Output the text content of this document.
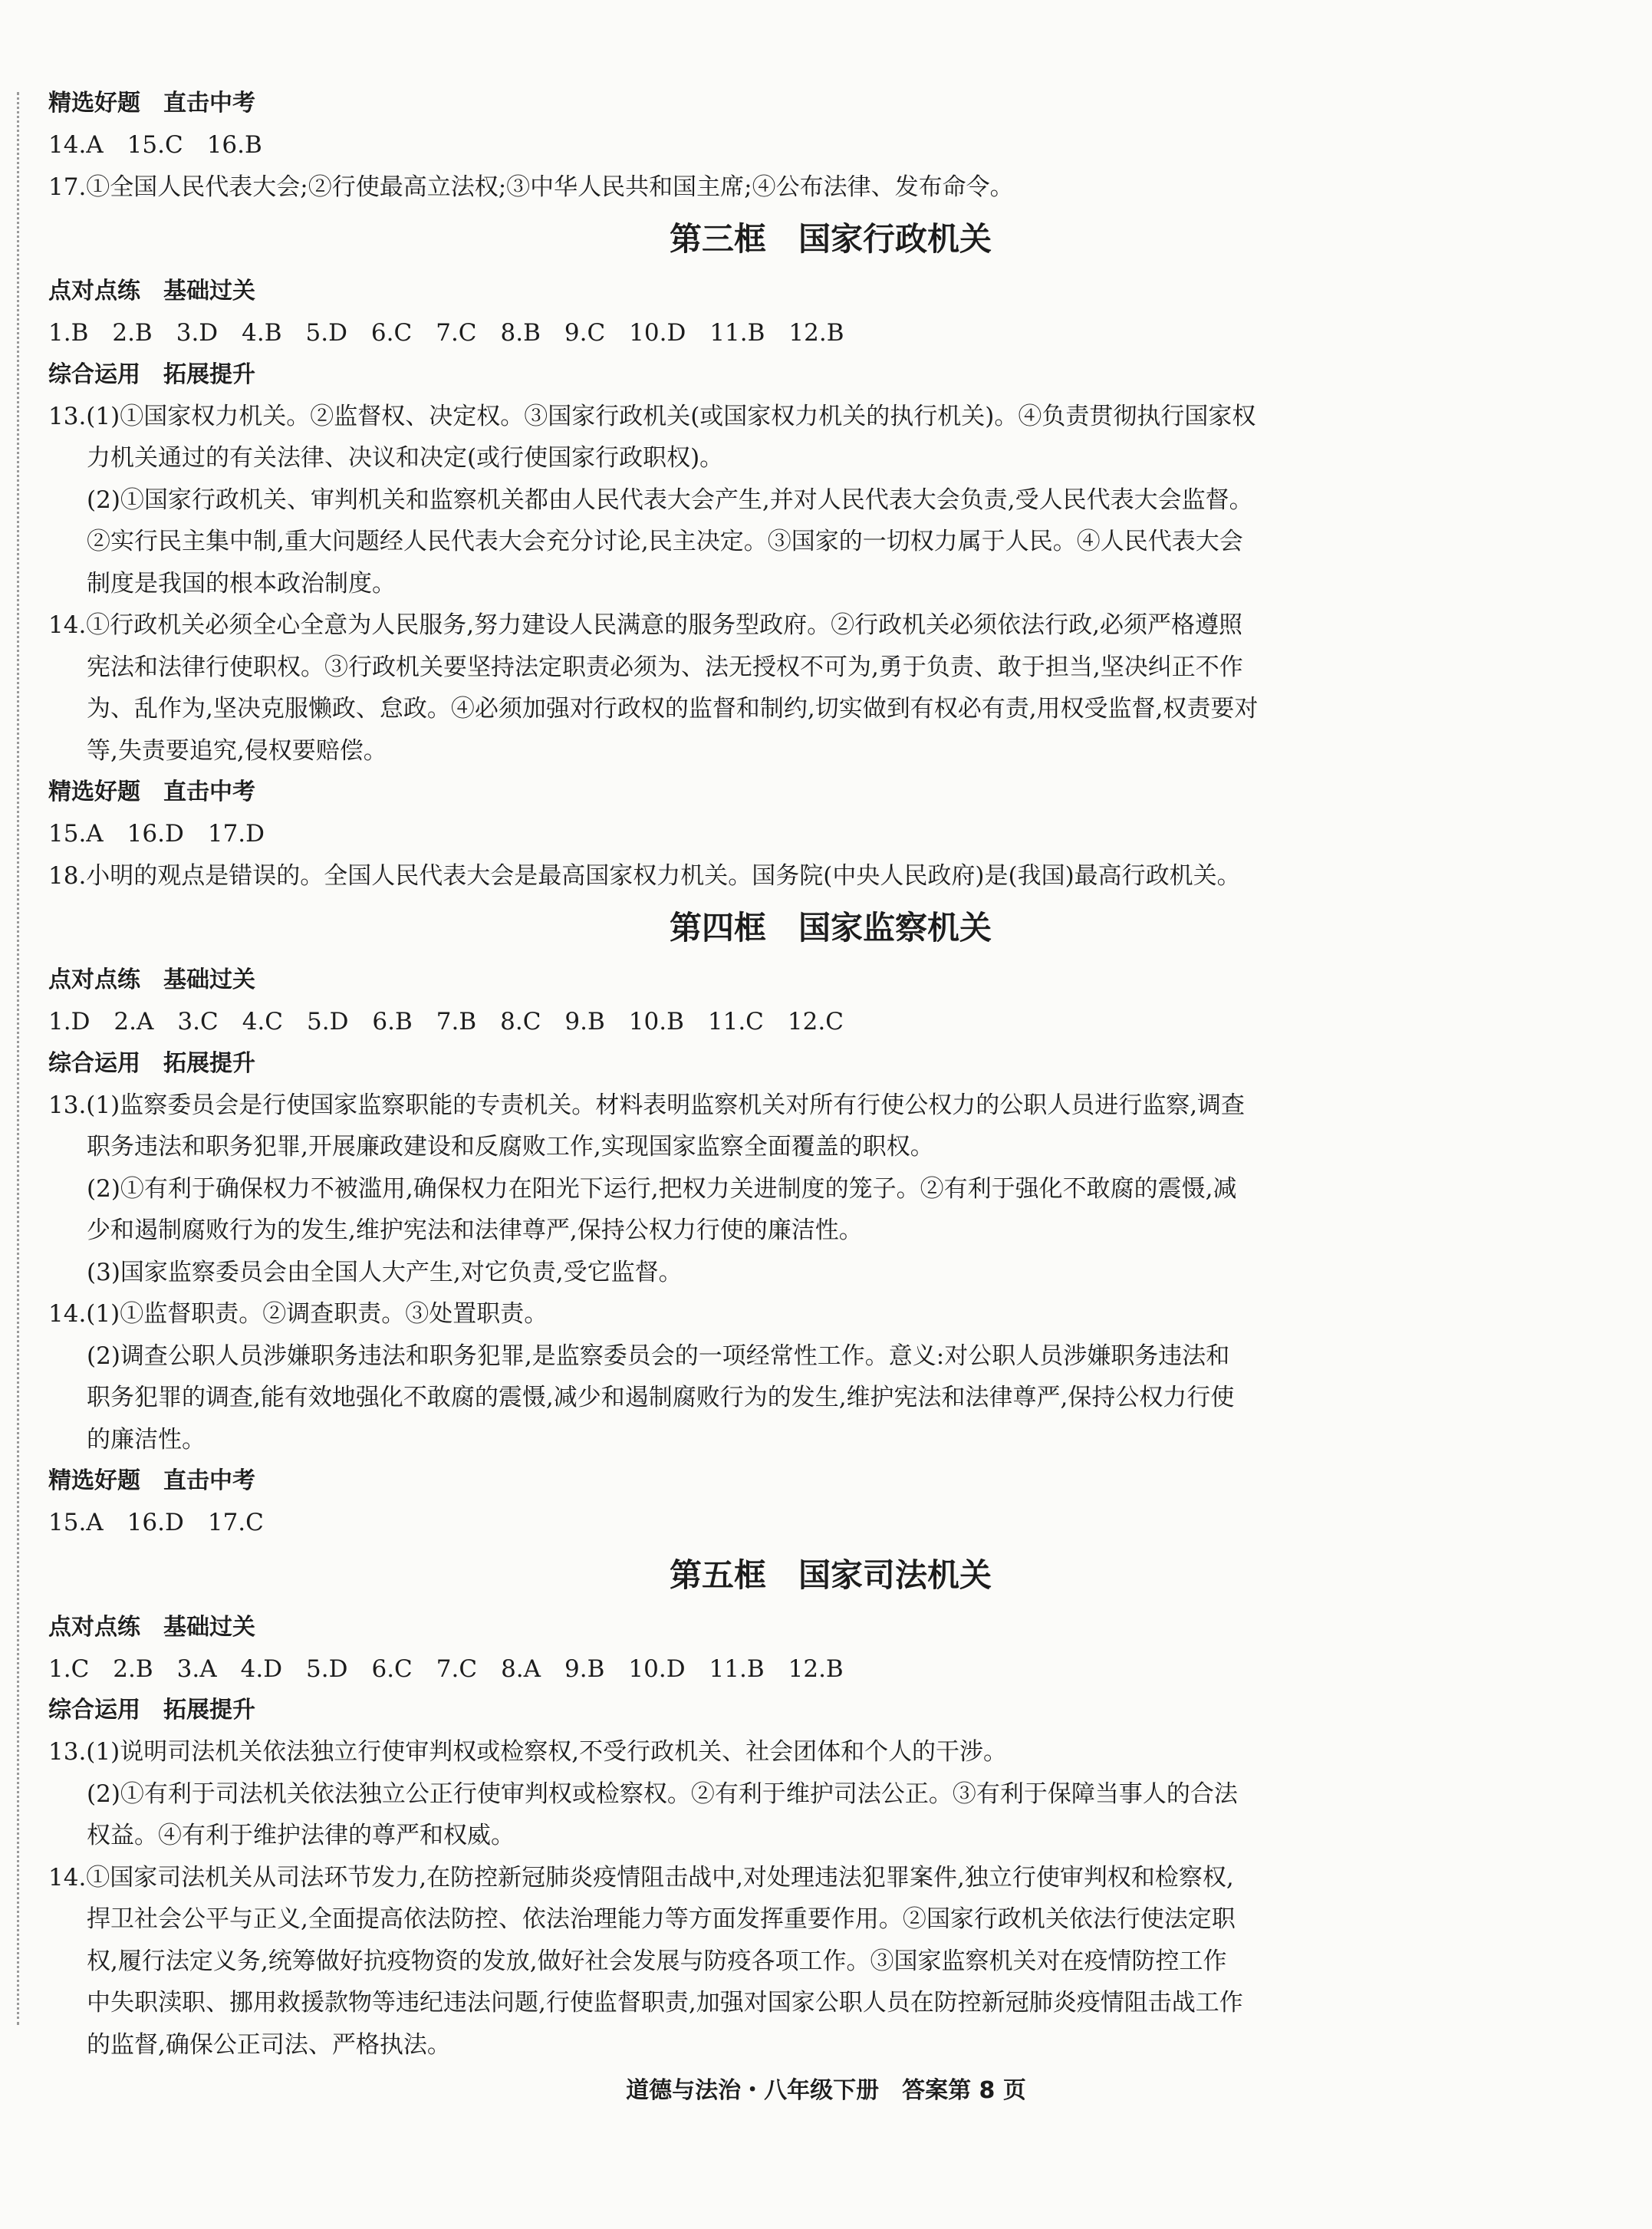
精选好题　直击中考
14.A　15.C　16.B
17.①全国人民代表大会;②行使最高立法权;③中华人民共和国主席;④公布法律、发布命令。
第三框　国家行政机关
点对点练　基础过关
1.B　2.B　3.D　4.B　5.D　6.C　7.C　8.B　9.C　10.D　11.B　12.B
综合运用　拓展提升
13.(1)①国家权力机关。②监督权、决定权。③国家行政机关(或国家权力机关的执行机关)。④负责贯彻执行国家权
力机关通过的有关法律、决议和决定(或行使国家行政职权)。
(2)①国家行政机关、审判机关和监察机关都由人民代表大会产生,并对人民代表大会负责,受人民代表大会监督。
②实行民主集中制,重大问题经人民代表大会充分讨论,民主决定。③国家的一切权力属于人民。④人民代表大会
制度是我国的根本政治制度。
14.①行政机关必须全心全意为人民服务,努力建设人民满意的服务型政府。②行政机关必须依法行政,必须严格遵照
宪法和法律行使职权。③行政机关要坚持法定职责必须为、法无授权不可为,勇于负责、敢于担当,坚决纠正不作
为、乱作为,坚决克服懒政、怠政。④必须加强对行政权的监督和制约,切实做到有权必有责,用权受监督,权责要对
等,失责要追究,侵权要赔偿。
精选好题　直击中考
15.A　16.D　17.D
18.小明的观点是错误的。全国人民代表大会是最高国家权力机关。国务院(中央人民政府)是(我国)最高行政机关。
第四框　国家监察机关
点对点练　基础过关
1.D　2.A　3.C　4.C　5.D　6.B　7.B　8.C　9.B　10.B　11.C　12.C
综合运用　拓展提升
13.(1)监察委员会是行使国家监察职能的专责机关。材料表明监察机关对所有行使公权力的公职人员进行监察,调查
职务违法和职务犯罪,开展廉政建设和反腐败工作,实现国家监察全面覆盖的职权。
(2)①有利于确保权力不被滥用,确保权力在阳光下运行,把权力关进制度的笼子。②有利于强化不敢腐的震慑,减
少和遏制腐败行为的发生,维护宪法和法律尊严,保持公权力行使的廉洁性。
(3)国家监察委员会由全国人大产生,对它负责,受它监督。
14.(1)①监督职责。②调查职责。③处置职责。
(2)调查公职人员涉嫌职务违法和职务犯罪,是监察委员会的一项经常性工作。意义:对公职人员涉嫌职务违法和
职务犯罪的调查,能有效地强化不敢腐的震慑,减少和遏制腐败行为的发生,维护宪法和法律尊严,保持公权力行使
的廉洁性。
精选好题　直击中考
15.A　16.D　17.C
第五框　国家司法机关
点对点练　基础过关
1.C　2.B　3.A　4.D　5.D　6.C　7.C　8.A　9.B　10.D　11.B　12.B
综合运用　拓展提升
13.(1)说明司法机关依法独立行使审判权或检察权,不受行政机关、社会团体和个人的干涉。
(2)①有利于司法机关依法独立公正行使审判权或检察权。②有利于维护司法公正。③有利于保障当事人的合法
权益。④有利于维护法律的尊严和权威。
14.①国家司法机关从司法环节发力,在防控新冠肺炎疫情阻击战中,对处理违法犯罪案件,独立行使审判权和检察权,
捍卫社会公平与正义,全面提高依法防控、依法治理能力等方面发挥重要作用。②国家行政机关依法行使法定职
权,履行法定义务,统筹做好抗疫物资的发放,做好社会发展与防疫各项工作。③国家监察机关对在疫情防控工作
中失职渎职、挪用救援款物等违纪违法问题,行使监督职责,加强对国家公职人员在防控新冠肺炎疫情阻击战工作
的监督,确保公正司法、严格执法。
道德与法治・八年级下册　答案第 8 页
